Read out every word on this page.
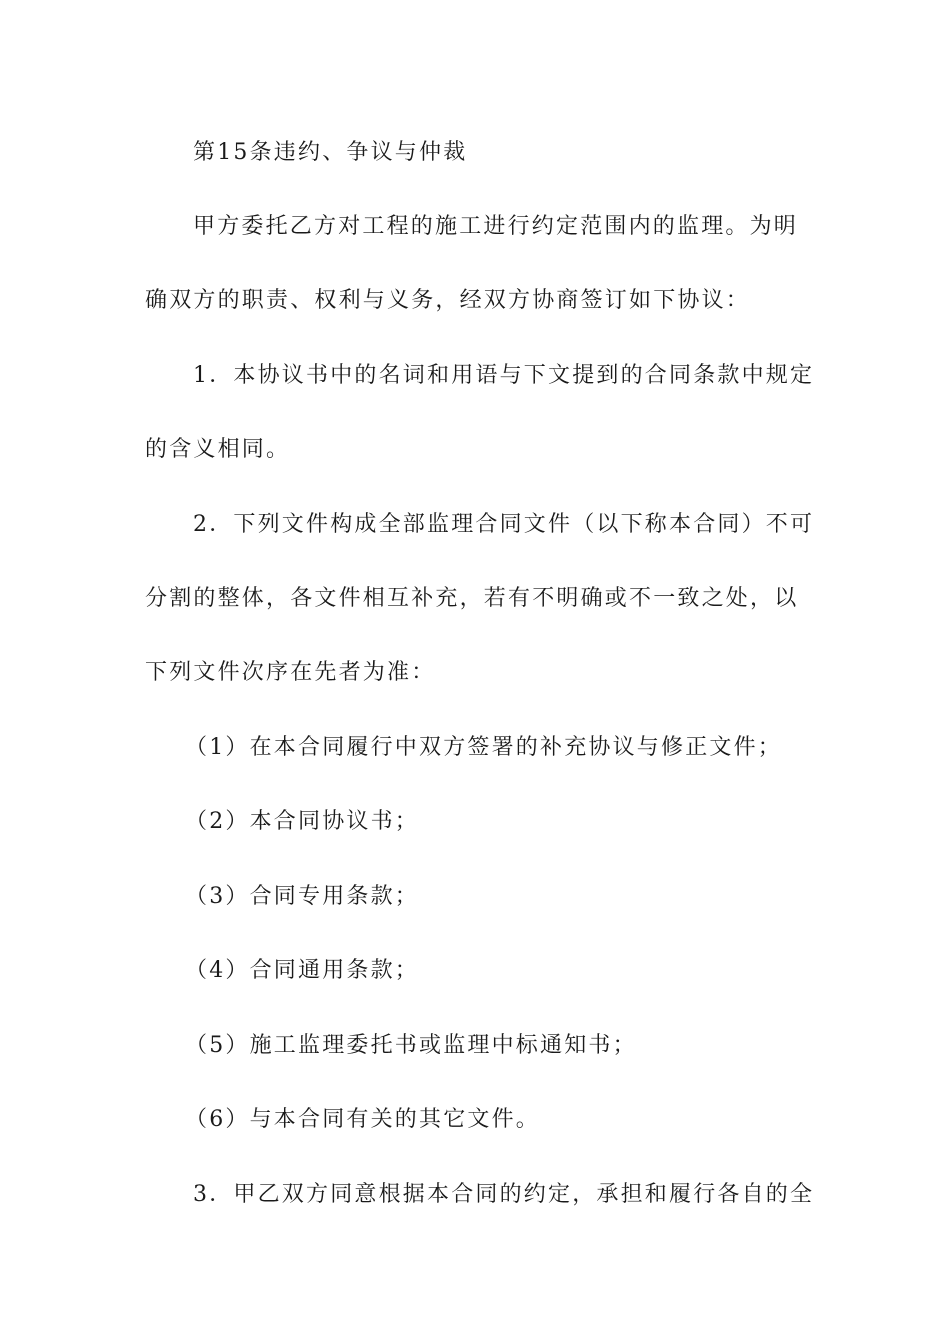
第15条违约、争议与仲裁
甲方委托乙方对工程的施工进行约定范围内的监理。为明
确双方的职责、权利与义务，经双方协商签订如下协议：
1．本协议书中的名词和用语与下文提到的合同条款中规定
的含义相同。
2．下列文件构成全部监理合同文件（以下称本合同）不可
分割的整体，各文件相互补充，若有不明确或不一致之处，以
下列文件次序在先者为准：
（1）在本合同履行中双方签署的补充协议与修正文件；
（2）本合同协议书；
（3）合同专用条款；
（4）合同通用条款；
（5）施工监理委托书或监理中标通知书；
（6）与本合同有关的其它文件。
3．甲乙双方同意根据本合同的约定，承担和履行各自的全
